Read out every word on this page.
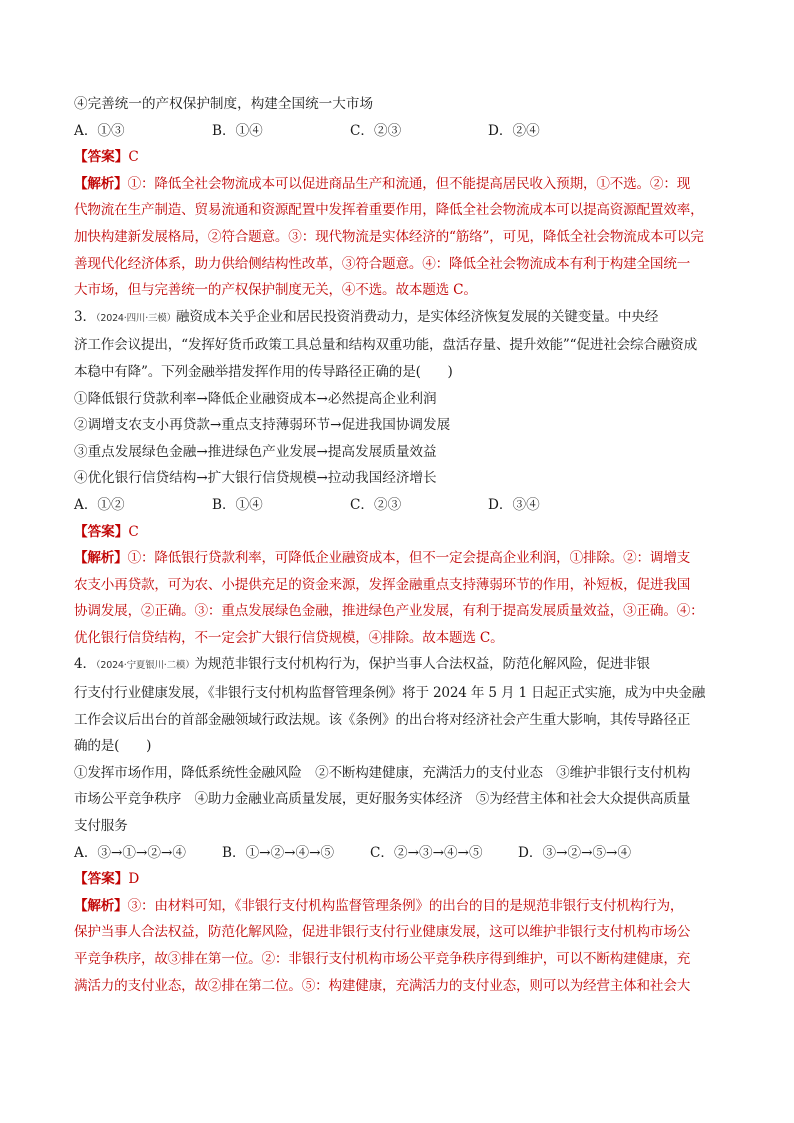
④完善统一的产权保护制度，构建全国统一大市场
A．①③	B．①④	C．②③	D．②④
【答案】C
【解析】①：降低全社会物流成本可以促进商品生产和流通，但不能提高居民收入预期，①不选。②：现
代物流在生产制造、贸易流通和资源配置中发挥着重要作用，降低全社会物流成本可以提高资源配置效率，
加快构建新发展格局，②符合题意。③：现代物流是实体经济的“筋络”，可见，降低全社会物流成本可以完
善现代化经济体系，助力供给侧结构性改革，③符合题意。④：降低全社会物流成本有利于构建全国统一
大市场，但与完善统一的产权保护制度无关，④不选。故本题选 C。
3．（2024·四川·三模）融资成本关乎企业和居民投资消费动力，是实体经济恢复发展的关键变量。中央经
济工作会议提出，“发挥好货币政策工具总量和结构双重功能，盘活存量、提升效能”“促进社会综合融资成
本稳中有降”。下列金融举措发挥作用的传导路径正确的是(　　)
①降低银行贷款利率→降低企业融资成本→必然提高企业利润
②调增支农支小再贷款→重点支持薄弱环节→促进我国协调发展
③重点发展绿色金融→推进绿色产业发展→提高发展质量效益
④优化银行信贷结构→扩大银行信贷规模→拉动我国经济增长
A．①②	B．①④	C．②③	D．③④
【答案】C
【解析】①：降低银行贷款利率，可降低企业融资成本，但不一定会提高企业利润，①排除。②：调增支
农支小再贷款，可为农、小提供充足的资金来源，发挥金融重点支持薄弱环节的作用，补短板，促进我国
协调发展，②正确。③：重点发展绿色金融，推进绿色产业发展，有利于提高发展质量效益，③正确。④：
优化银行信贷结构，不一定会扩大银行信贷规模，④排除。故本题选 C。
4．（2024·宁夏银川·二模）为规范非银行支付机构行为，保护当事人合法权益，防范化解风险，促进非银
行支付行业健康发展，《非银行支付机构监督管理条例》将于 2024 年 5 月 1 日起正式实施，成为中央金融
工作会议后出台的首部金融领域行政法规。该《条例》的出台将对经济社会产生重大影响，其传导路径正
确的是(　　)
①发挥市场作用，降低系统性金融风险　②不断构建健康，充满活力的支付业态　③维护非银行支付机构
市场公平竞争秩序　④助力金融业高质量发展，更好服务实体经济　⑤为经营主体和社会大众提供高质量
支付服务
A．③→①→②→④	B．①→②→④→⑤	C．②→③→④→⑤	D．③→②→⑤→④
【答案】D
【解析】③：由材料可知，《非银行支付机构监督管理条例》的出台的目的是规范非银行支付机构行为，
保护当事人合法权益，防范化解风险，促进非银行支付行业健康发展，这可以维护非银行支付机构市场公
平竞争秩序，故③排在第一位。②：非银行支付机构市场公平竞争秩序得到维护，可以不断构建健康，充
满活力的支付业态，故②排在第二位。⑤：构建健康，充满活力的支付业态，则可以为经营主体和社会大
